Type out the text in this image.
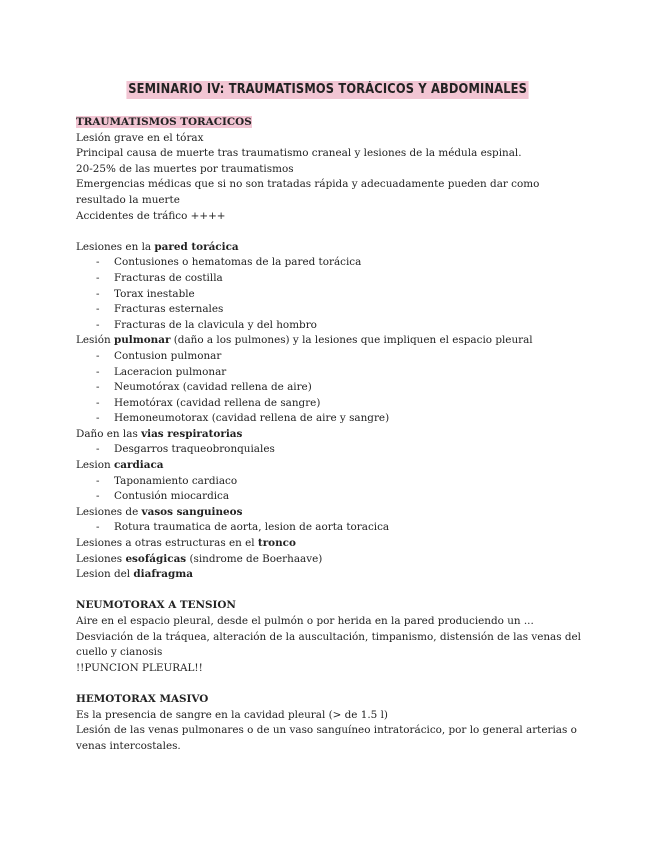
SEMINARIO IV: TRAUMATISMOS TORÁCICOS Y ABDOMINALES
TRAUMATISMOS TORACICOS
Lesión grave en el tórax
Principal causa de muerte tras traumatismo craneal y lesiones de la médula espinal.
20-25% de las muertes por traumatismos
Emergencias médicas que si no son tratadas rápida y adecuadamente pueden dar como resultado la muerte
Accidentes de tráfico ++++
Lesiones en la pared torácica
- Contusiones o hematomas de la pared torácica
- Fracturas de costilla
- Torax inestable
- Fracturas esternales
- Fracturas de la clavicula y del hombro
Lesión pulmonar (daño a los pulmones) y la lesiones que impliquen el espacio pleural
- Contusion pulmonar
- Laceracion pulmonar
- Neumotórax (cavidad rellena de aire)
- Hemotórax (cavidad rellena de sangre)
- Hemoneumotorax (cavidad rellena de aire y sangre)
Daño en las vias respiratorias
- Desgarros traqueobronquiales
Lesion cardiaca
- Taponamiento cardiaco
- Contusión miocardica
Lesiones de vasos sanguineos
- Rotura traumatica de aorta, lesion de aorta toracica
Lesiones a otras estructuras en el tronco
Lesiones esofágicas (sindrome de Boerhaave)
Lesion del diafragma
NEUMOTORAX A TENSION
Aire en el espacio pleural, desde el pulmón o por herida en la pared produciendo un ...
Desviación de la tráquea, alteración de la auscultación, timpanismo, distensión de las venas del cuello y cianosis
!!PUNCION PLEURAL!!
HEMOTORAX MASIVO
Es la presencia de sangre en la cavidad pleural (> de 1.5 l)
Lesión de las venas pulmonares o de un vaso sanguíneo intratorácico, por lo general arterias o venas intercostales.
